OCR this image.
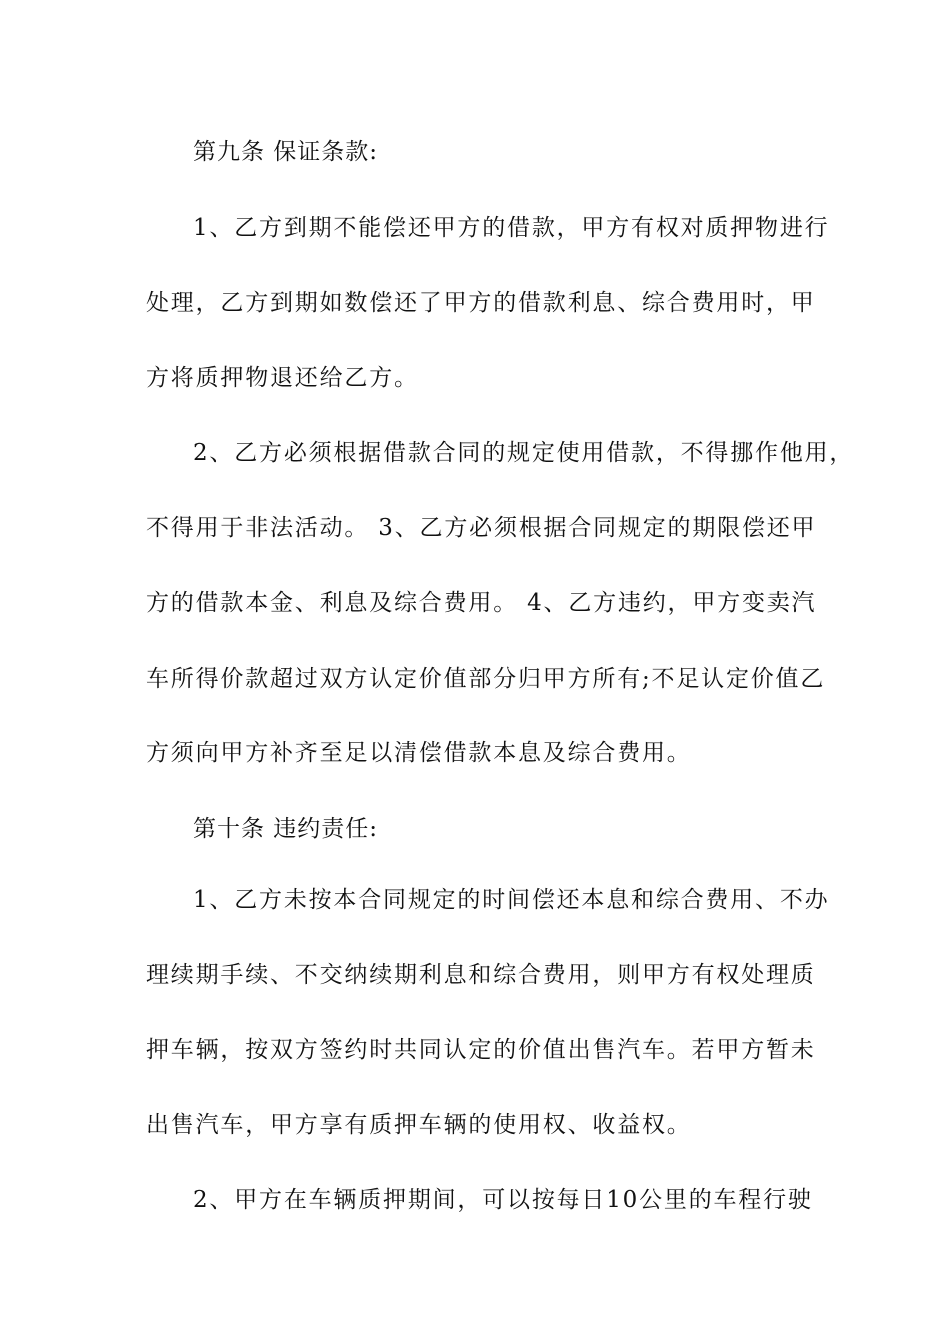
第九条 保证条款:
1、乙方到期不能偿还甲方的借款，甲方有权对质押物进行
处理，乙方到期如数偿还了甲方的借款利息、综合费用时，甲
方将质押物退还给乙方。
2、乙方必须根据借款合同的规定使用借款，不得挪作他用，
不得用于非法活动。 3、乙方必须根据合同规定的期限偿还甲
方的借款本金、利息及综合费用。 4、乙方违约，甲方变卖汽
车所得价款超过双方认定价值部分归甲方所有;不足认定价值乙
方须向甲方补齐至足以清偿借款本息及综合费用。
第十条 违约责任:
1、乙方未按本合同规定的时间偿还本息和综合费用、不办
理续期手续、不交纳续期利息和综合费用，则甲方有权处理质
押车辆，按双方签约时共同认定的价值出售汽车。若甲方暂未
出售汽车，甲方享有质押车辆的使用权、收益权。
2、甲方在车辆质押期间，可以按每日10公里的车程行驶
